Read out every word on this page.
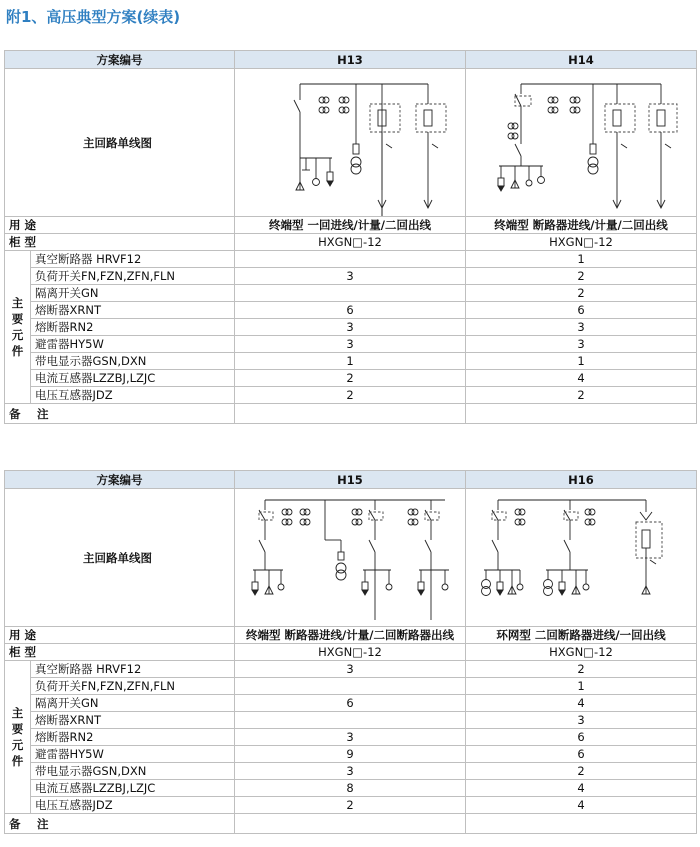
附1、高压典型方案(续表)
方案编号		H13	H14
主回路单线图	

用 途		终端型 一回进线/计量/二回出线	终端型 断路器进线/计量/二回出线
柜 型		HXGN□-12	HXGN□-12

主
要
元
件	真空断路器 HRVF12		1
	负荷开关FN,FZN,ZFN,FLN	3	2
	隔离开关GN		2
	熔断器XRNT	6	6
	熔断器RN2	3	3
	避雷器HY5W	3	3
	带电显示器GSN,DXN	1	1
	电流互感器LZZBJ,LZJC	2	4
	电压互感器JDZ	2	2
备 注			
方案编号		H15	H16
主回路单线图	

用 途		终端型 断路器进线/计量/二回断路器出线	环网型 二回断路器进线/一回出线
柜 型		HXGN□-12	HXGN□-12

主
要
元
件	真空断路器 HRVF12	3	2
	负荷开关FN,FZN,ZFN,FLN		1
	隔离开关GN	6	4
	熔断器XRNT		3
	熔断器RN2	3	6
	避雷器HY5W	9	6
	带电显示器GSN,DXN	3	2
	电流互感器LZZBJ,LZJC	8	4
	电压互感器JDZ	2	4
备 注			
